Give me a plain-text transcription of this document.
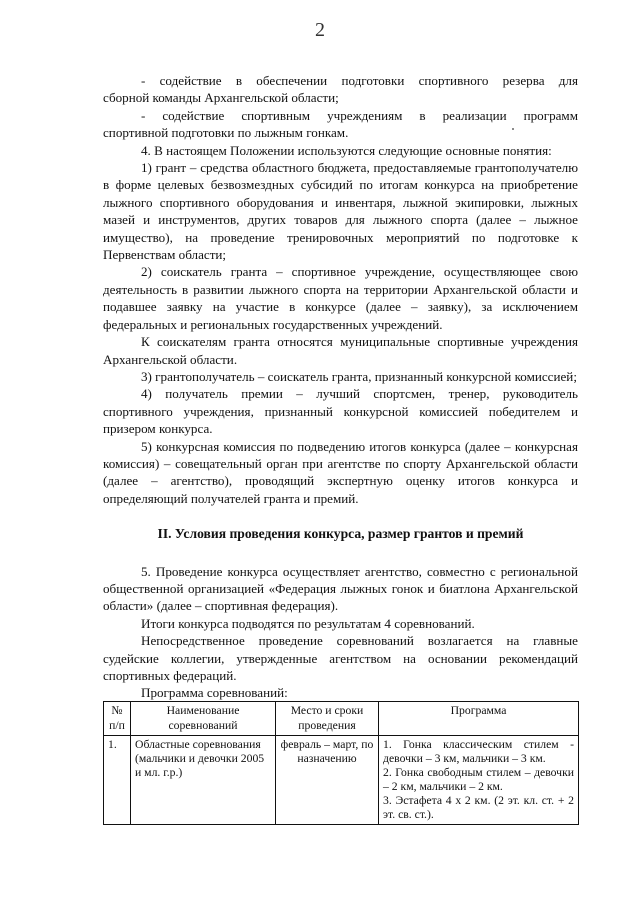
2

- содействие в обеспечении подготовки спортивного резерва для

сборной команды Архангельской области;

- содействие спортивным учреждениям в реализации программ

спортивной подготовки по лыжным гонкам.

4. В настоящем Положении используются следующие основные понятия:

1) грант – средства областного бюджета, предоставляемые грантополучателю в форме целевых безвозмездных субсидий по итогам конкурса на приобретение лыжного спортивного оборудования и инвентаря, лыжной экипировки, лыжных мазей и инструментов, других товаров для лыжного спорта (далее – лыжное имущество), на проведение тренировочных мероприятий по подготовке к Первенствам области;

2) соискатель гранта – спортивное учреждение, осуществляющее свою деятельность в развитии лыжного спорта на территории Архангельской области и подавшее заявку на участие в конкурсе (далее – заявку), за исключением федеральных и региональных государственных учреждений.

К соискателям гранта относятся муниципальные спортивные учреждения Архангельской области.

3) грантополучатель – соискатель гранта, признанный конкурсной комиссией;

4) получатель премии – лучший спортсмен, тренер, руководитель спортивного учреждения, признанный конкурсной комиссией победителем и призером конкурса.

5) конкурсная комиссия по подведению итогов конкурса (далее – конкурсная комиссия) – совещательный орган при агентстве по спорту Архангельской области (далее – агентство), проводящий экспертную оценку итогов конкурса и определяющий получателей гранта и премий.

II. Условия проведения конкурса, размер грантов и премий

5. Проведение конкурса осуществляет агентство, совместно с региональной общественной организацией «Федерация лыжных гонок и биатлона Архангельской области» (далее – спортивная федерация).

Итоги конкурса подводятся по результатам 4 соревнований.

Непосредственное проведение соревнований возлагается на главные судейские коллегии, утвержденные агентством на основании рекомендаций спортивных федераций.

Программа соревнований:

№ п/п	Наименование соревнований	Место и сроки проведения	Программа
1.	Областные соревнования (мальчики и девочки 2005 и мл. г.р.)	февраль – март, по назначению	1. Гонка классическим стилем - девочки – 3 км, мальчики – 3 км.
2. Гонка свободным стилем – девочки – 2 км, мальчики – 2 км.
3. Эстафета 4 х 2 км. (2 эт. кл. ст. + 2 эт. св. ст.).
